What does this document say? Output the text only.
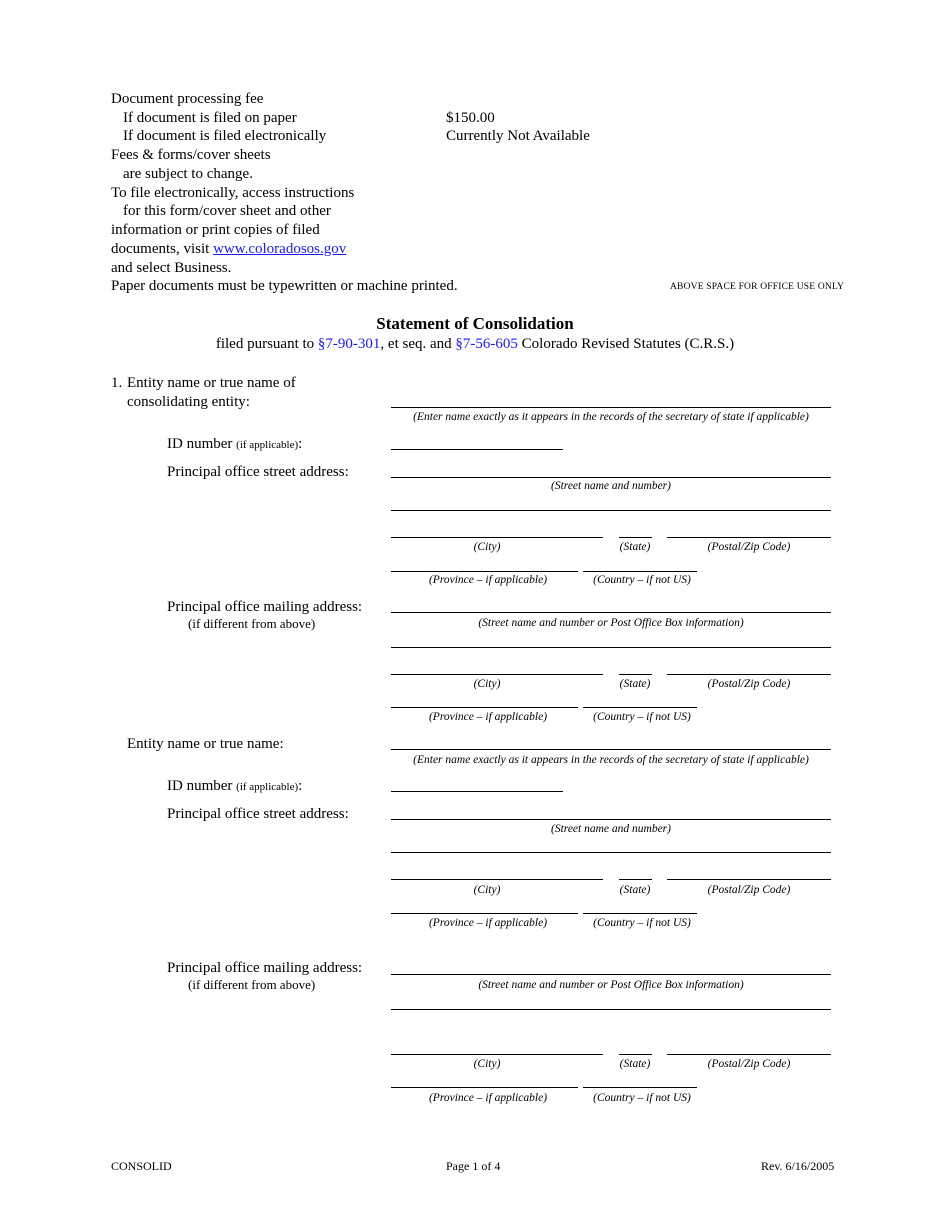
Document processing fee
If document is filed on paper	$150.00
If document is filed electronically	Currently Not Available
Fees & forms/cover sheets
are subject to change.
To file electronically, access instructions
for this form/cover sheet and other
information or print copies of filed
documents, visit www.coloradosos.gov
and select Business.
Paper documents must be typewritten or machine printed.	ABOVE SPACE FOR OFFICE USE ONLY
Statement of Consolidation
filed pursuant to §7-90-301, et seq. and §7-56-605 Colorado Revised Statutes (C.R.S.)
1. Entity name or true name of
consolidating entity:
(Enter name exactly as it appears in the records of the secretary of state if applicable)
ID number (if applicable):
Principal office street address:
(Street name and number)
(City)	(State)	(Postal/Zip Code)
(Province – if applicable)	(Country – if not US)
Principal office mailing address:
(if different from above)	(Street name and number or Post Office Box information)
(City)	(State)	(Postal/Zip Code)
(Province – if applicable)	(Country – if not US)
Entity name or true name:
(Enter name exactly as it appears in the records of the secretary of state if applicable)
ID number (if applicable):
Principal office street address:
(Street name and number)
(City)	(State)	(Postal/Zip Code)
(Province – if applicable)	(Country – if not US)
Principal office mailing address:
(if different from above)	(Street name and number or Post Office Box information)
(City)	(State)	(Postal/Zip Code)
(Province – if applicable)	(Country – if not US)
CONSOLID	Page 1 of 4	Rev. 6/16/2005
